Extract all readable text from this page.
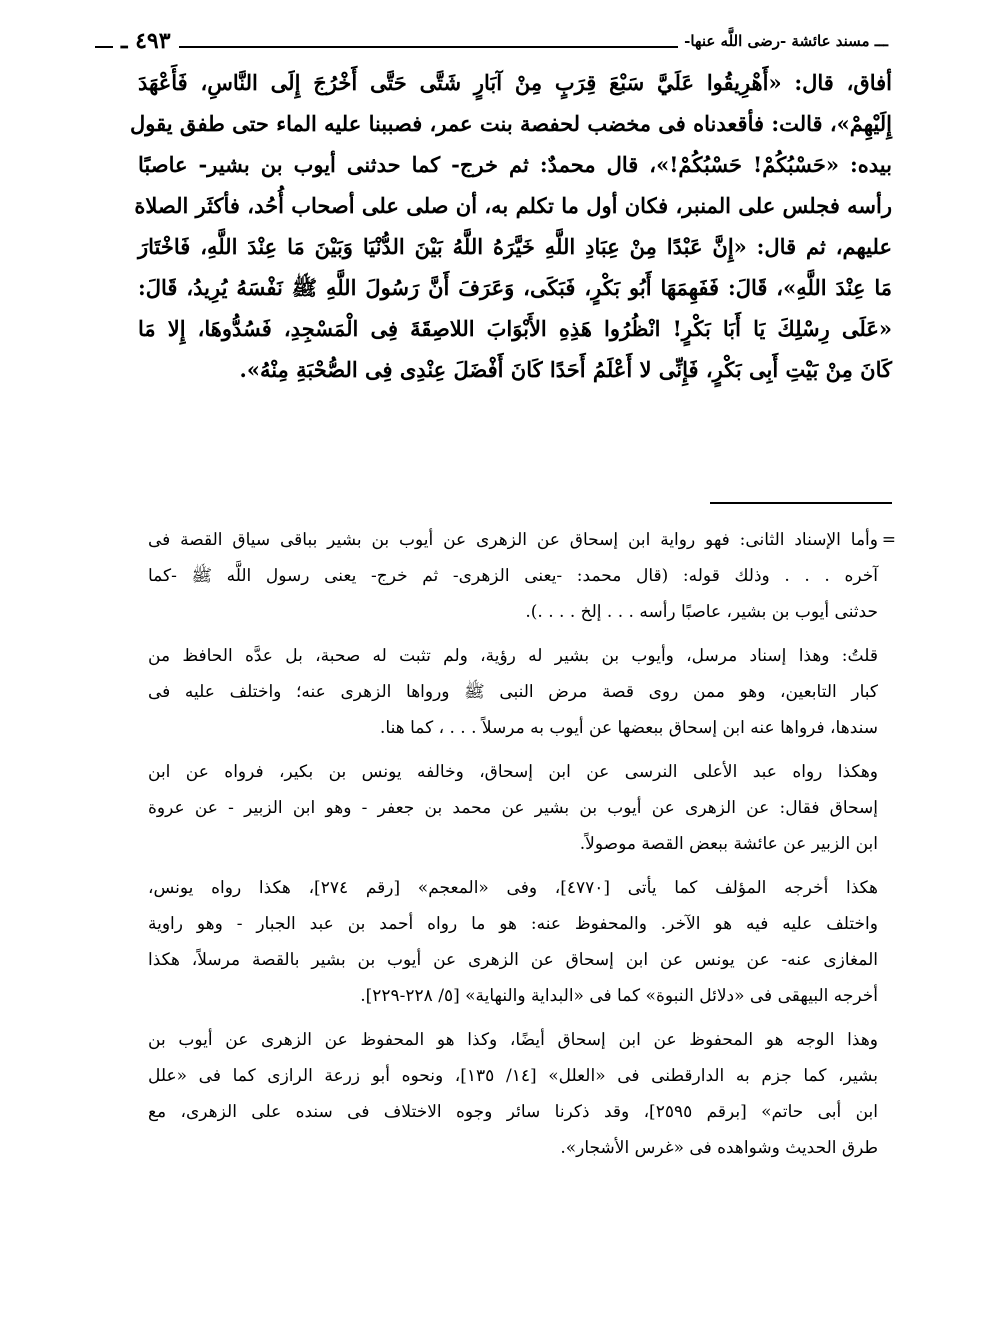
ـــ مسند عائشة -رضى اللَّه عنها-
٤٩٣ ـ
أفاق، قال: «أَهْرِيقُوا عَلَيَّ سَبْعَ قِرَبٍ مِنْ آبَارٍ شَتَّى حَتَّى أَخْرُجَ إِلَى النَّاسِ، فَأَعْهَدَ
إِلَيْهِمْ»، قالت: فأقعدناه فى مخضب لحفصة بنت عمر، فصببنا عليه الماء حتى طفق يقول
بيده: «حَسْبُكُمْ! حَسْبُكُمْ!»، قال محمدٌ: ثم خرج- كما حدثنى أيوب بن بشير- عاصبًا
رأسه فجلس على المنبر، فكان أول ما تكلم به، أن صلى على أصحاب أُحُد، فأكثَر الصلاة
عليهم، ثم قال: «إِنَّ عَبْدًا مِنْ عِبَادِ اللَّهِ خَيَّرَهُ اللَّهُ بَيْنَ الدُّنْيَا وَبَيْنَ مَا عِنْدَ اللَّهِ، فَاخْتَارَ
مَا عِنْدَ اللَّهِ»، قَالَ: فَفَهِمَهَا أَبُو بَكْرٍ، فَبَكَى، وَعَرَفَ أَنَّ رَسُولَ اللَّهِ ﷺ نَفْسَهُ يُرِيدُ، قَالَ:
«عَلَى رِسْلِكَ يَا أَبَا بَكْرٍ! انْظُرُوا هَذِهِ الأَبْوَابَ اللاصِقَةَ فِى الْمَسْجِدِ، فَسُدُّوهَا، إِلا مَا
كَانَ مِنْ بَيْتِ أَبِى بَكْرٍ، فَإِنِّى لا أَعْلَمُ أَحَدًا كَانَ أَفْضَلَ عِنْدِى فِى الصُّحْبَةِ مِنْهُ».
=
وأما الإسناد الثانى: فهو رواية ابن إسحاق عن الزهرى عن أيوب بن بشير بباقى سياق القصة فى
آخره . . . وذلك قوله: (قال محمد: -يعنى الزهرى- ثم خرج- يعنى رسول اللَّه ﷺ -كما
حدثنى أيوب بن بشير، عاصبًا رأسه . . . إلخ . . . .).
قلتُ: وهذا إسناد مرسل، وأيوب بن بشير له رؤية، ولم تثبت له صحبة، بل عدَّه الحافظ من
كبار التابعين، وهو ممن روى قصة مرض النبى ﷺ ورواها الزهرى عنه؛ واختلف عليه فى
سندها، فرواها عنه ابن إسحاق ببعضها عن أيوب به مرسلاً . . . ، كما هنا.
وهكذا رواه عبد الأعلى النرسى عن ابن إسحاق، وخالفه يونس بن بكير، فرواه عن ابن
إسحاق فقال: عن الزهرى عن أيوب بن بشير عن محمد بن جعفر - وهو ابن الزبير - عن عروة
ابن الزبير عن عائشة ببعض القصة موصولاً.
هكذا أخرجه المؤلف كما يأتى [٤٧٧٠]، وفى «المعجم» [رقم ٢٧٤]، هكذا رواه يونس،
واختلف عليه فيه هو الآخر. والمحفوظ عنه: هو ما رواه أحمد بن عبد الجبار - وهو راوية
المغازى عنه- عن يونس عن ابن إسحاق عن الزهرى عن أيوب بن بشير بالقصة مرسلاً، هكذا
أخرجه البيهقى فى «دلائل النبوة» كما فى «البداية والنهاية» [٥/ ٢٢٨-٢٢٩].
وهذا الوجه هو المحفوظ عن ابن إسحاق أيضًا، وكذا هو المحفوظ عن الزهرى عن أيوب بن
بشير، كما جزم به الدارقطنى فى «العلل» [١٤/ ١٣٥]، ونحوه أبو زرعة الرازى كما فى «علل
ابن أبى حاتم» [برقم ٢٥٩٥]، وقد ذكرنا سائر وجوه الاختلاف فى سنده على الزهرى، مع
طرق الحديث وشواهده فى «غرس الأشجار».
